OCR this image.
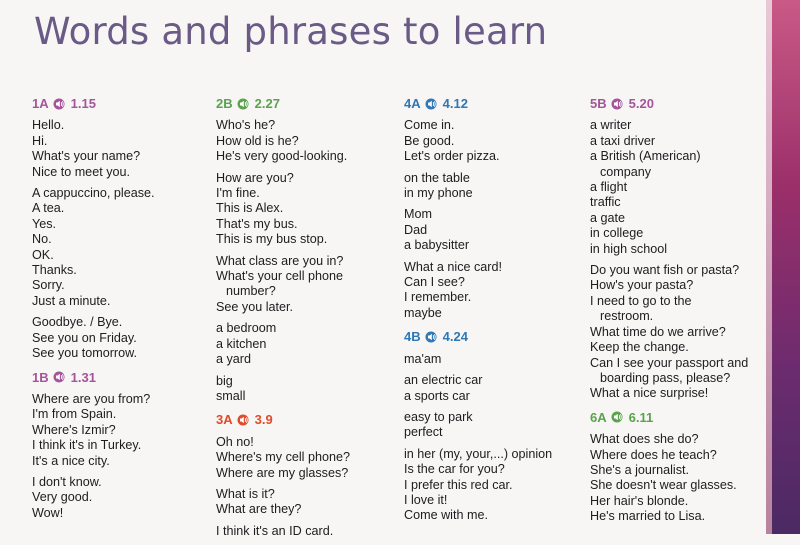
Words and phrases to learn
1A 1.15
Hello.
Hi.
What's your name?
Nice to meet you.
A cappuccino, please.
A tea.
Yes.
No.
OK.
Thanks.
Sorry.
Just a minute.
Goodbye. / Bye.
See you on Friday.
See you tomorrow.
1B 1.31
Where are you from?
I'm from Spain.
Where's Izmir?
I think it's in Turkey.
It's a nice city.
I don't know.
Very good.
Wow!
2B 2.27
Who's he?
How old is he?
He's very good-looking.
How are you?
I'm fine.
This is Alex.
That's my bus.
This is my bus stop.
What class are you in?
What's your cell phone
number?
See you later.
a bedroom
a kitchen
a yard
big
small
3A 3.9
Oh no!
Where's my cell phone?
Where are my glasses?
What is it?
What are they?
I think it's an ID card.
4A 4.12
Come in.
Be good.
Let's order pizza.
on the table
in my phone
Mom
Dad
a babysitter
What a nice card!
Can I see?
I remember.
maybe
4B 4.24
ma'am
an electric car
a sports car
easy to park
perfect
in her (my, your,...) opinion
Is the car for you?
I prefer this red car.
I love it!
Come with me.
5B 5.20
a writer
a taxi driver
a British (American)
company
a flight
traffic
a gate
in college
in high school
Do you want fish or pasta?
How's your pasta?
I need to go to the
restroom.
What time do we arrive?
Keep the change.
Can I see your passport and
boarding pass, please?
What a nice surprise!
6A 6.11
What does she do?
Where does he teach?
She's a journalist.
She doesn't wear glasses.
Her hair's blonde.
He's married to Lisa.
